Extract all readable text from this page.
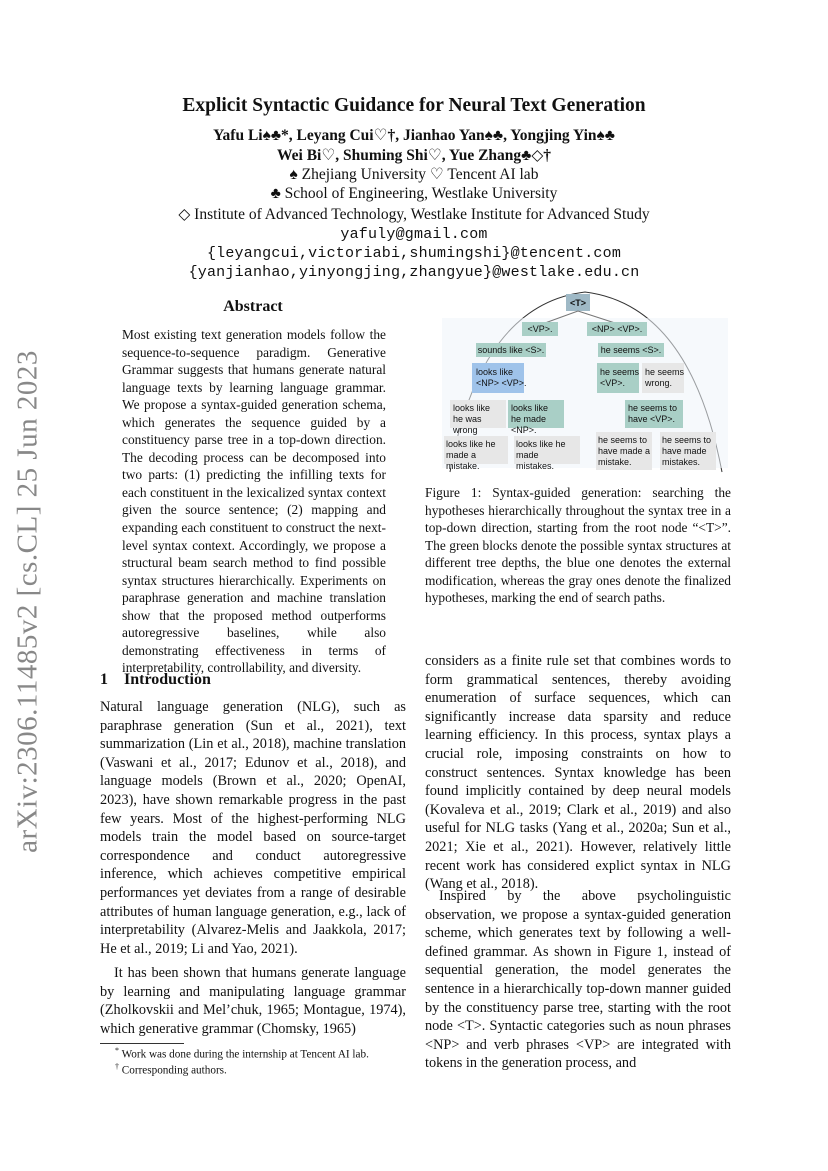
arXiv:2306.11485v2 [cs.CL] 25 Jun 2023
Explicit Syntactic Guidance for Neural Text Generation
Yafu Li♠♣*, Leyang Cui♡†, Jianhao Yan♠♣, Yongjing Yin♠♣
Wei Bi♡, Shuming Shi♡, Yue Zhang♣◇†
♠ Zhejiang University ♡ Tencent AI lab
♣ School of Engineering, Westlake University
◇ Institute of Advanced Technology, Westlake Institute for Advanced Study
yafuly@gmail.com
{leyangcui,victoriabi,shumingshi}@tencent.com
{yanjianhao,yinyongjing,zhangyue}@westlake.edu.cn
Abstract
Most existing text generation models follow the sequence-to-sequence paradigm. Generative Grammar suggests that humans generate natural language texts by learning language grammar. We propose a syntax-guided generation schema, which generates the sequence guided by a constituency parse tree in a top-down direction. The decoding process can be decomposed into two parts: (1) predicting the infilling texts for each constituent in the lexicalized syntax context given the source sentence; (2) mapping and expanding each constituent to construct the next-level syntax context. Accordingly, we propose a structural beam search method to find possible syntax structures hierarchically. Experiments on paraphrase generation and machine translation show that the proposed method outperforms autoregressive baselines, while also demonstrating effectiveness in terms of interpretability, controllability, and diversity.
1 Introduction
Natural language generation (NLG), such as paraphrase generation (Sun et al., 2021), text summarization (Lin et al., 2018), machine translation (Vaswani et al., 2017; Edunov et al., 2018), and language models (Brown et al., 2020; OpenAI, 2023), have shown remarkable progress in the past few years. Most of the highest-performing NLG models train the model based on source-target correspondence and conduct autoregressive inference, which achieves competitive empirical performances yet deviates from a range of desirable attributes of human language generation, e.g., lack of interpretability (Alvarez-Melis and Jaakkola, 2017; He et al., 2019; Li and Yao, 2021).
It has been shown that humans generate language by learning and manipulating language grammar (Zholkovskii and Mel’chuk, 1965; Montague, 1974), which generative grammar (Chomsky, 1965)
* Work was done during the internship at Tencent AI lab.
† Corresponding authors.
<T>
<VP>.	<NP> <VP>.
sounds like <S>.	he seems <S>.
looks like <NP> <VP>.
he seems <VP>.
he seems wrong.
looks like he was wrong
looks like he made <NP>.
he seems to have <VP>.
looks like he made a mistake.
looks like he made mistakes.
he seems to have made a mistake.
he seems to have made mistakes.
Figure 1: Syntax-guided generation: searching the hypotheses hierarchically throughout the syntax tree in a top-down direction, starting from the root node “<T>”. The green blocks denote the possible syntax structures at different tree depths, the blue one denotes the external modification, whereas the gray ones denote the finalized hypotheses, marking the end of search paths.
considers as a finite rule set that combines words to form grammatical sentences, thereby avoiding enumeration of surface sequences, which can significantly increase data sparsity and reduce learning efficiency. In this process, syntax plays a crucial role, imposing constraints on how to construct sentences. Syntax knowledge has been found implicitly contained by deep neural models (Kovaleva et al., 2019; Clark et al., 2019) and also useful for NLG tasks (Yang et al., 2020a; Sun et al., 2021; Xie et al., 2021). However, relatively little recent work has considered explict syntax in NLG (Wang et al., 2018).
Inspired by the above psycholinguistic observation, we propose a syntax-guided generation scheme, which generates text by following a well-defined grammar. As shown in Figure 1, instead of sequential generation, the model generates the sentence in a hierarchically top-down manner guided by the constituency parse tree, starting with the root node <T>. Syntactic categories such as noun phrases <NP> and verb phrases <VP> are integrated with tokens in the generation process, and
